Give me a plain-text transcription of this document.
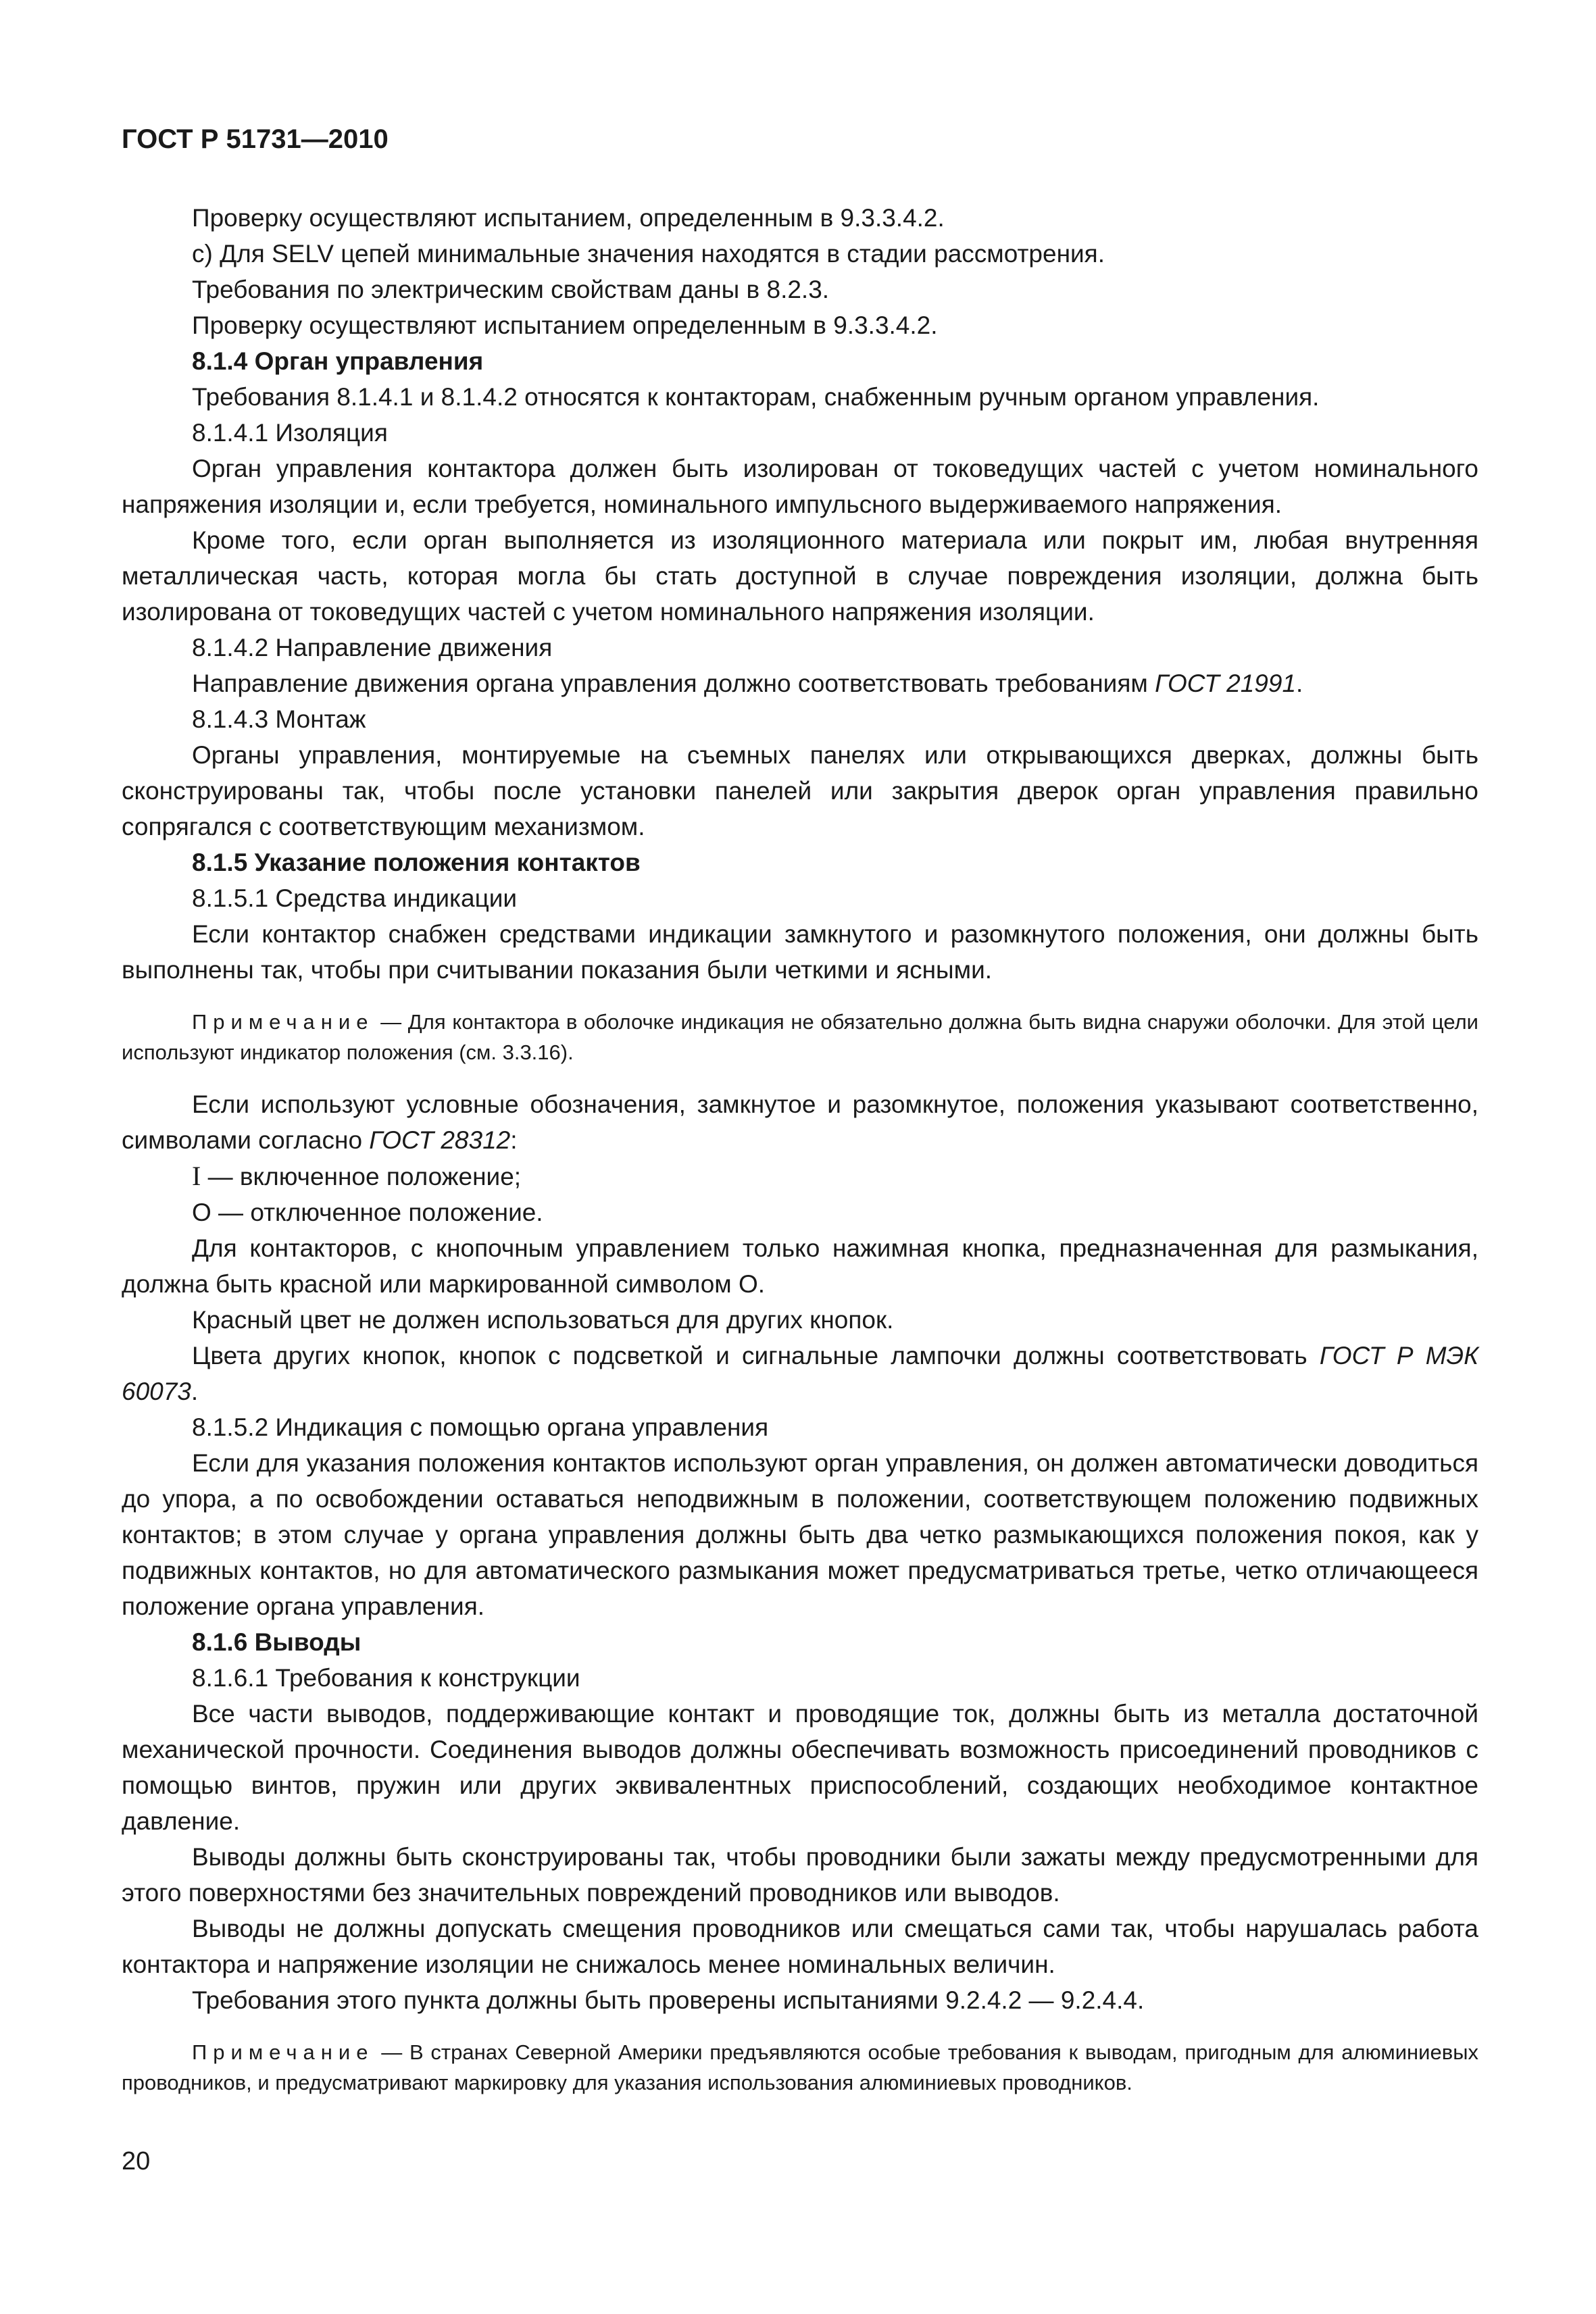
ГОСТ Р 51731—2010

Проверку осуществляют испытанием, определенным в 9.3.3.4.2.

с) Для SELV цепей минимальные значения находятся в стадии рассмотрения.

Требования по электрическим свойствам даны в 8.2.3.

Проверку осуществляют испытанием определенным в 9.3.3.4.2.

8.1.4 Орган управления

Требования 8.1.4.1 и 8.1.4.2 относятся к контакторам, снабженным ручным органом управления.

8.1.4.1 Изоляция

Орган управления контактора должен быть изолирован от токоведущих частей с учетом номинального напряжения изоляции и, если требуется, номинального импульсного выдерживаемого напряжения.

Кроме того, если орган выполняется из изоляционного материала или покрыт им, любая внутренняя металлическая часть, которая могла бы стать доступной в случае повреждения изоляции, должна быть изолирована от токоведущих частей с учетом номинального напряжения изоляции.

8.1.4.2 Направление движения

Направление движения органа управления должно соответствовать требованиям ГОСТ 21991.

8.1.4.3 Монтаж

Органы управления, монтируемые на съемных панелях или открывающихся дверках, должны быть сконструированы так, чтобы после установки панелей или закрытия дверок орган управления правильно сопрягался с соответствующим механизмом.

8.1.5 Указание положения контактов

8.1.5.1 Средства индикации

Если контактор снабжен средствами индикации замкнутого и разомкнутого положения, они должны быть выполнены так, чтобы при считывании показания были четкими и ясными.

Примечание — Для контактора в оболочке индикация не обязательно должна быть видна снаружи оболочки. Для этой цели используют индикатор положения (см. 3.3.16).

Если используют условные обозначения, замкнутое и разомкнутое, положения указывают соответственно, символами согласно ГОСТ 28312:

I — включенное положение;

О — отключенное положение.

Для контакторов, с кнопочным управлением только нажимная кнопка, предназначенная для размыкания, должна быть красной или маркированной символом О.

Красный цвет не должен использоваться для других кнопок.

Цвета других кнопок, кнопок с подсветкой и сигнальные лампочки должны соответствовать ГОСТ Р МЭК 60073.

8.1.5.2 Индикация с помощью органа управления

Если для указания положения контактов используют орган управления, он должен автоматически доводиться до упора, а по освобождении оставаться неподвижным в положении, соответствующем положению подвижных контактов; в этом случае у органа управления должны быть два четко размыкающихся положения покоя, как у подвижных контактов, но для автоматического размыкания может предусматриваться третье, четко отличающееся положение органа управления.

8.1.6 Выводы

8.1.6.1 Требования к конструкции

Все части выводов, поддерживающие контакт и проводящие ток, должны быть из металла достаточной механической прочности. Соединения выводов должны обеспечивать возможность присоединений проводников с помощью винтов, пружин или других эквивалентных приспособлений, создающих необходимое контактное давление.

Выводы должны быть сконструированы так, чтобы проводники были зажаты между предусмотренными для этого поверхностями без значительных повреждений проводников или выводов.

Выводы не должны допускать смещения проводников или смещаться сами так, чтобы нарушалась работа контактора и напряжение изоляции не снижалось менее номинальных величин.

Требования этого пункта должны быть проверены испытаниями 9.2.4.2 — 9.2.4.4.

Примечание — В странах Северной Америки предъявляются особые требования к выводам, пригодным для алюминиевых проводников, и предусматривают маркировку для указания использования алюминиевых проводников.

20
